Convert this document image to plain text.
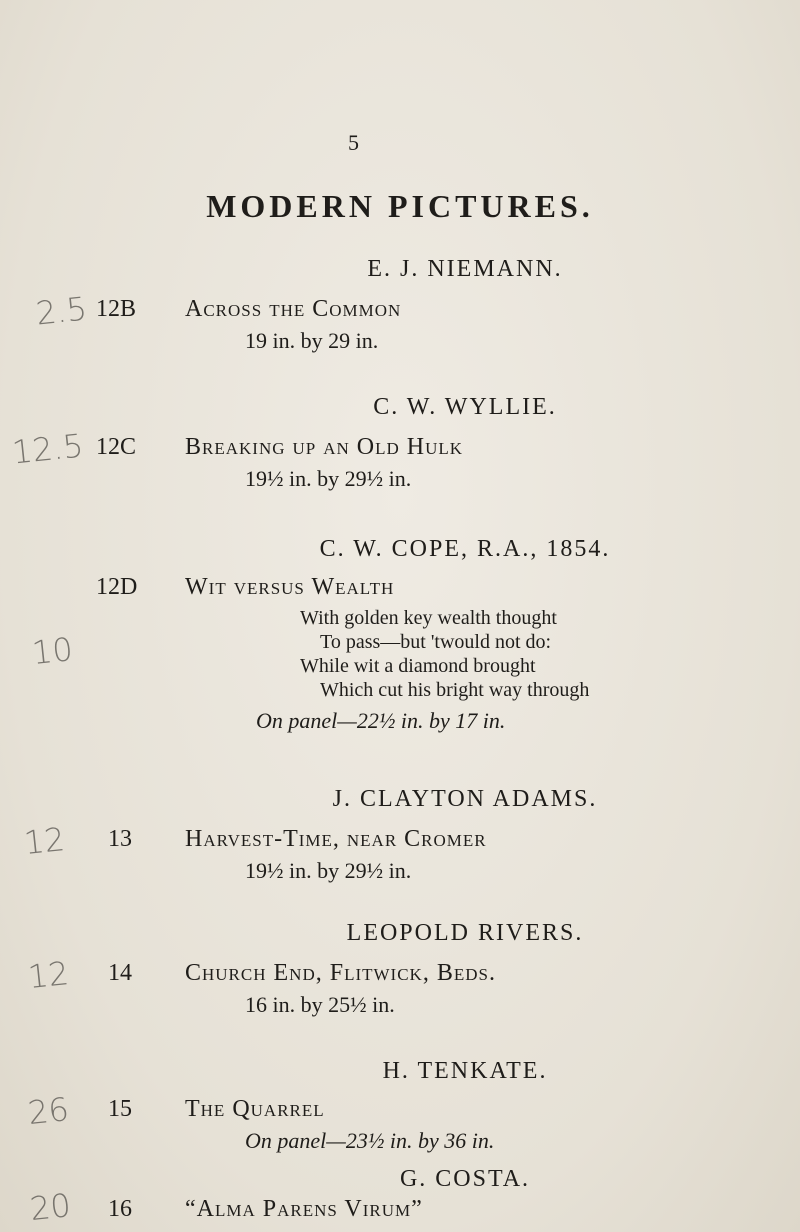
5
MODERN PICTURES.
E. J. NIEMANN.
12B	Across the Common
19 in. by 29 in.
2.5
C. W. WYLLIE.
12C	Breaking up an Old Hulk
19½ in. by 29½ in.
12.5
C. W. COPE, R.A., 1854.
12D	Wit versus Wealth
With golden key wealth thought
To pass—but 'twould not do:
While wit a diamond brought
Which cut his bright way through
On panel—22½ in. by 17 in.
10
J. CLAYTON ADAMS.
13	Harvest-Time, near Cromer
19½ in. by 29½ in.
12
LEOPOLD RIVERS.
14	Church End, Flitwick, Beds.
16 in. by 25½ in.
12
H. TENKATE.
15	The Quarrel
On panel—23½ in. by 36 in.
26
G. COSTA.
16	“Alma Parens Virum”
20
